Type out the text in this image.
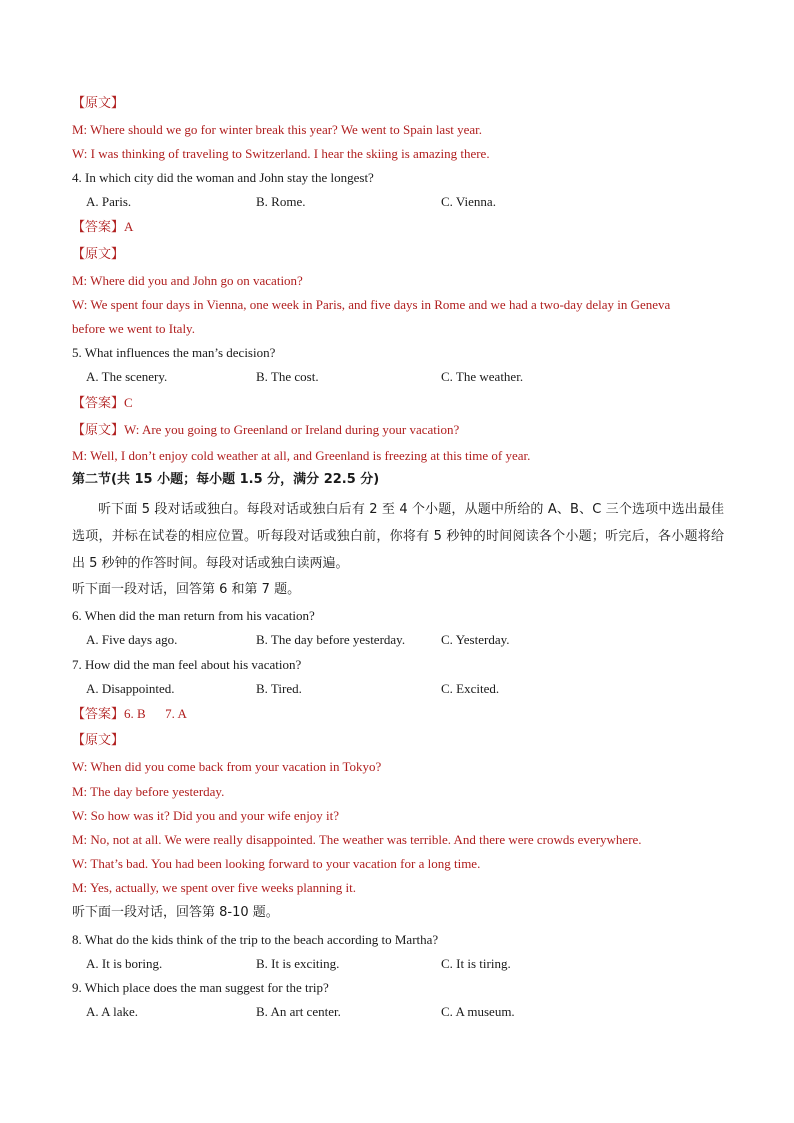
【原文】
M: Where should we go for winter break this year? We went to Spain last year.
W: I was thinking of traveling to Switzerland. I hear the skiing is amazing there.
4. In which city did the woman and John stay the longest?
A. Paris.	B. Rome.	C. Vienna.
【答案】A
【原文】
M: Where did you and John go on vacation?
W: We spent four days in Vienna, one week in Paris, and five days in Rome and we had a two-day delay in Geneva
before we went to Italy.
5. What influences the man’s decision?
A. The scenery.	B. The cost.	C. The weather.
【答案】C
【原文】W: Are you going to Greenland or Ireland during your vacation?
M: Well, I don’t enjoy cold weather at all, and Greenland is freezing at this time of year.
第二节(共 15 小题；每小题 1.5 分，满分 22.5 分)
听下面 5 段对话或独白。每段对话或独白后有 2 至 4 个小题，从题中所给的 A、B、C 三个选项中选出最佳选项，并标在试卷的相应位置。听每段对话或独白前，你将有 5 秒钟的时间阅读各个小题；听完后，各小题将给出 5 秒钟的作答时间。每段对话或独白读两遍。
听下面一段对话，回答第 6 和第 7 题。
6. When did the man return from his vacation?
A. Five days ago.	B. The day before yesterday.	C. Yesterday.
7. How did the man feel about his vacation?
A. Disappointed.	B. Tired.	C. Excited.
【答案】6. B      7. A
【原文】
W: When did you come back from your vacation in Tokyo?
M: The day before yesterday.
W: So how was it? Did you and your wife enjoy it?
M: No, not at all. We were really disappointed. The weather was terrible. And there were crowds everywhere.
W: That’s bad. You had been looking forward to your vacation for a long time.
M: Yes, actually, we spent over five weeks planning it.
听下面一段对话，回答第 8-10 题。
8. What do the kids think of the trip to the beach according to Martha?
A. It is boring.	B. It is exciting.	C. It is tiring.
9. Which place does the man suggest for the trip?
A. A lake.	B. An art center.	C. A museum.
